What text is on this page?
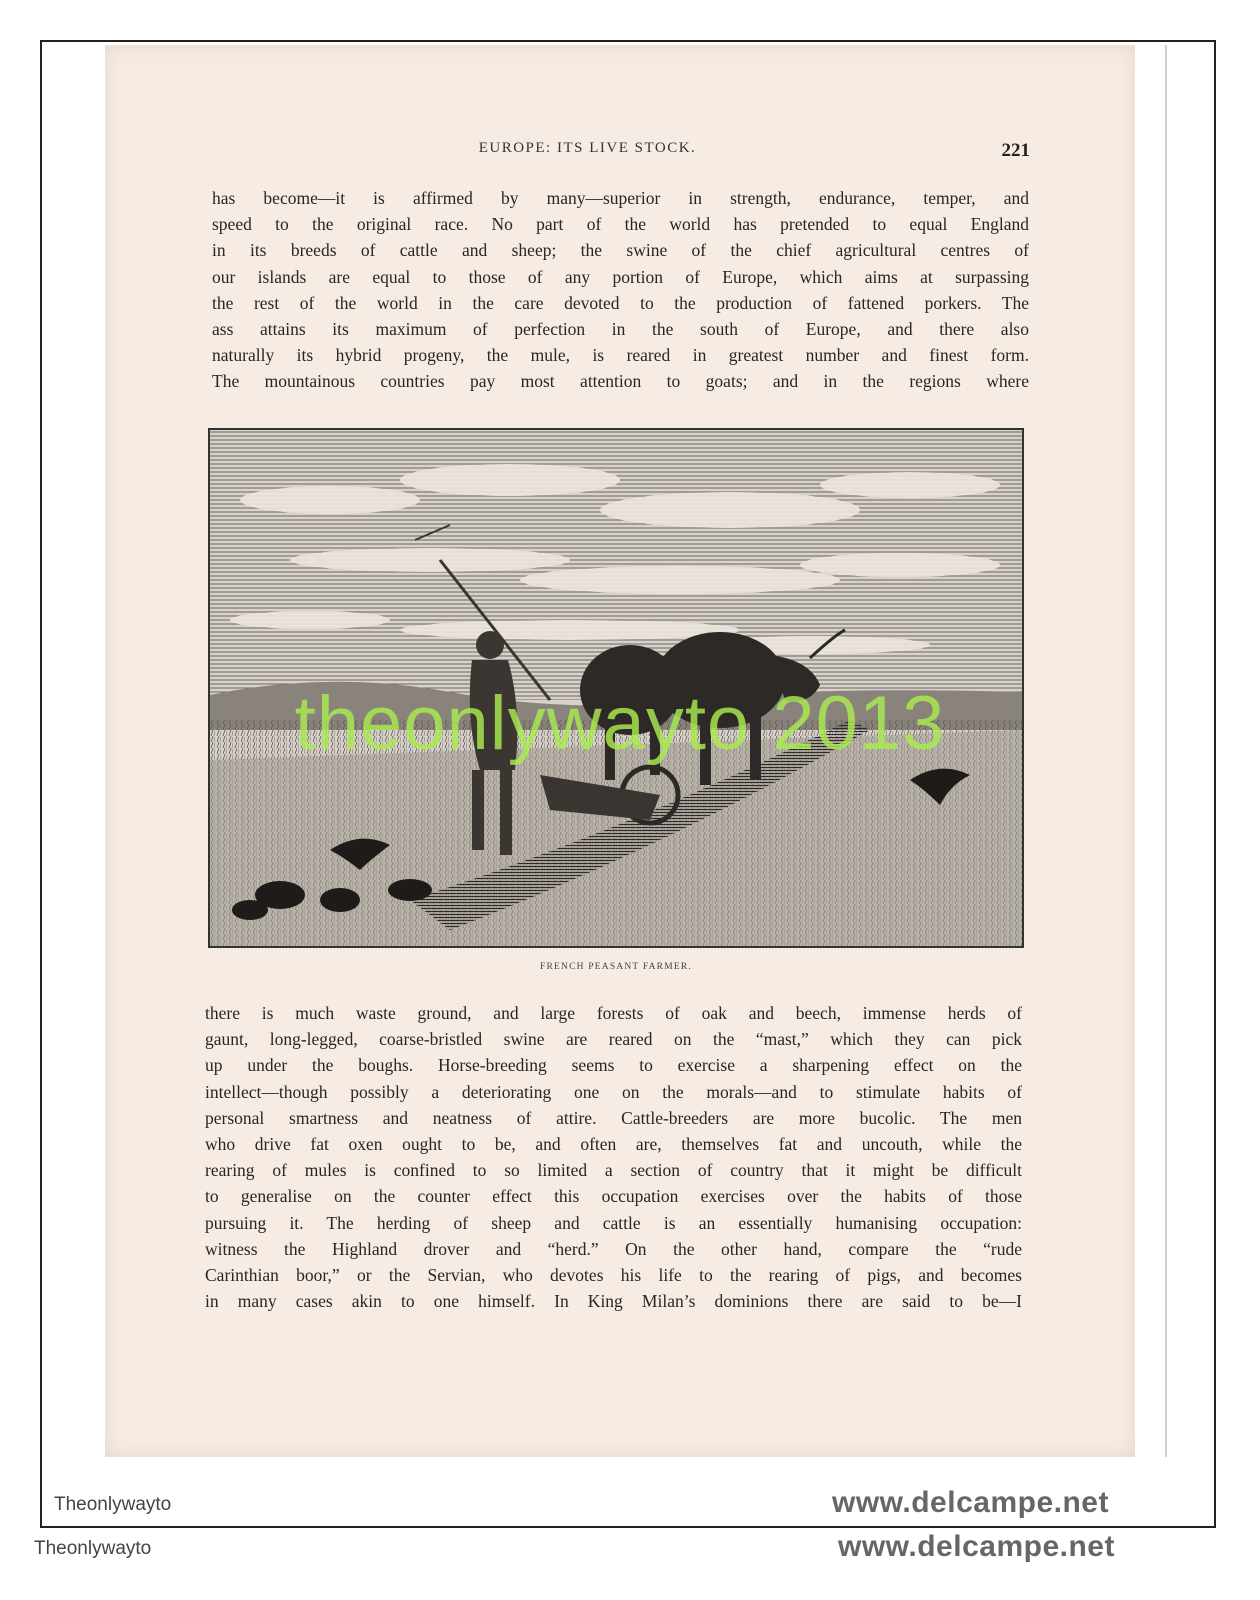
EUROPE: ITS LIVE STOCK.	221
has become—it is affirmed by many—superior in strength, endurance, temper, and
speed to the original race. No part of the world has pretended to equal England
in its breeds of cattle and sheep; the swine of the chief agricultural centres of
our islands are equal to those of any portion of Europe, which aims at surpassing
the rest of the world in the care devoted to the production of fattened porkers. The
ass attains its maximum of perfection in the south of Europe, and there also
naturally its hybrid progeny, the mule, is reared in greatest number and finest form.
The mountainous countries pay most attention to goats; and in the regions where
theonlywayto 2013
FRENCH PEASANT FARMER.
there is much waste ground, and large forests of oak and beech, immense herds of
gaunt, long-legged, coarse-bristled swine are reared on the “mast,” which they can pick
up under the boughs. Horse-breeding seems to exercise a sharpening effect on the
intellect—though possibly a deteriorating one on the morals—and to stimulate habits of
personal smartness and neatness of attire. Cattle-breeders are more bucolic. The men
who drive fat oxen ought to be, and often are, themselves fat and uncouth, while the
rearing of mules is confined to so limited a section of country that it might be difficult
to generalise on the counter effect this occupation exercises over the habits of those
pursuing it. The herding of sheep and cattle is an essentially humanising occupation:
witness the Highland drover and “herd.” On the other hand, compare the “rude
Carinthian boor,” or the Servian, who devotes his life to the rearing of pigs, and becomes
in many cases akin to one himself. In King Milan’s dominions there are said to be—I
Theonlywayto	www.delcampe.net
Theonlywayto	www.delcampe.net
